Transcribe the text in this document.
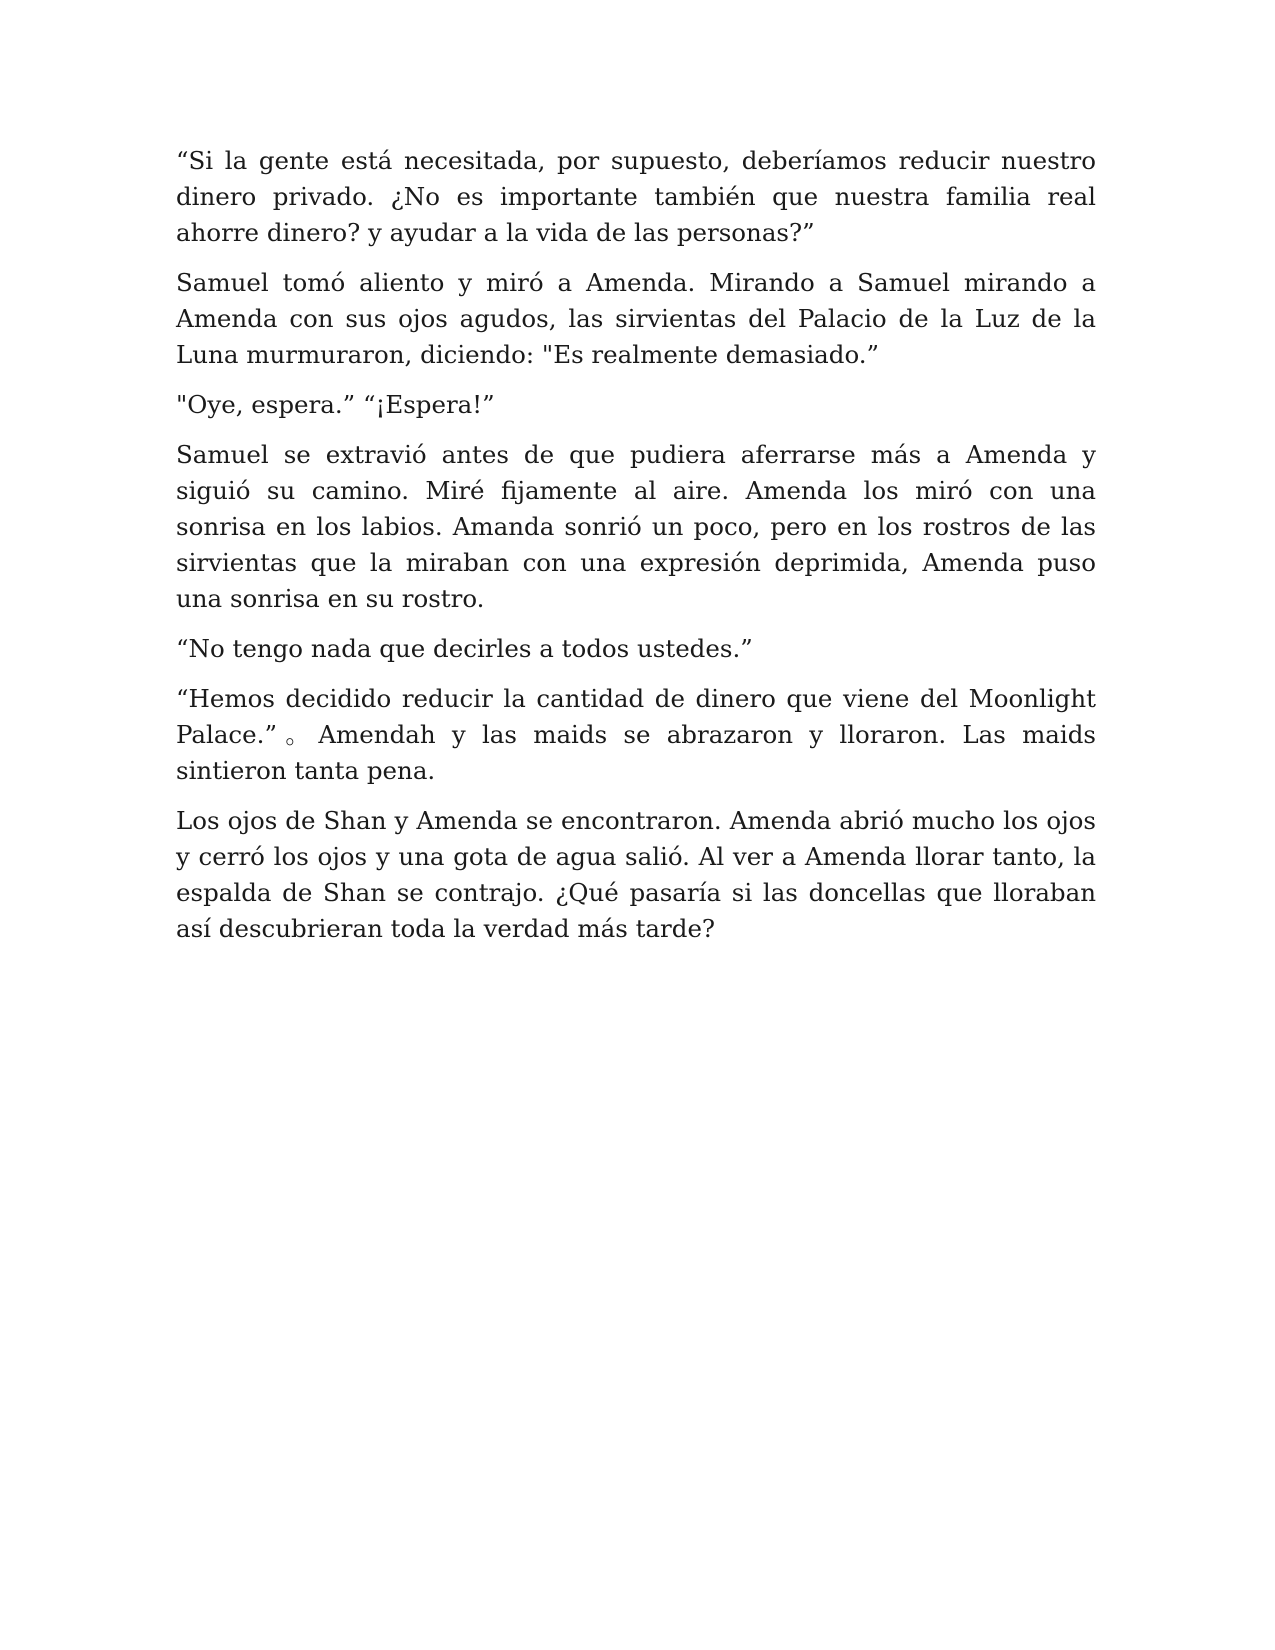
“Si la gente está necesitada, por supuesto, deberíamos reducir nuestro dinero privado. ¿No es importante también que nuestra familia real ahorre dinero? y ayudar a la vida de las personas?”

Samuel tomó aliento y miró a Amenda. Mirando a Samuel mirando a Amenda con sus ojos agudos, las sirvientas del Palacio de la Luz de la Luna murmuraron, diciendo: "Es realmente demasiado.”

"Oye, espera.” “¡Espera!”

Samuel se extravió antes de que pudiera aferrarse más a Amenda y siguió su camino. Miré fijamente al aire. Amenda los miró con una sonrisa en los labios. Amanda sonrió un poco, pero en los rostros de las sirvientas que la miraban con una expresión deprimida, Amenda puso una sonrisa en su rostro.

“No tengo nada que decirles a todos ustedes.”

“Hemos decidido reducir la cantidad de dinero que viene del Moonlight Palace.”。Amendah y las maids se abrazaron y lloraron. Las maids sintieron tanta pena.

Los ojos de Shan y Amenda se encontraron. Amenda abrió mucho los ojos y cerró los ojos y una gota de agua salió. Al ver a Amenda llorar tanto, la espalda de Shan se contrajo. ¿Qué pasaría si las doncellas que lloraban así descubrieran toda la verdad más tarde?
